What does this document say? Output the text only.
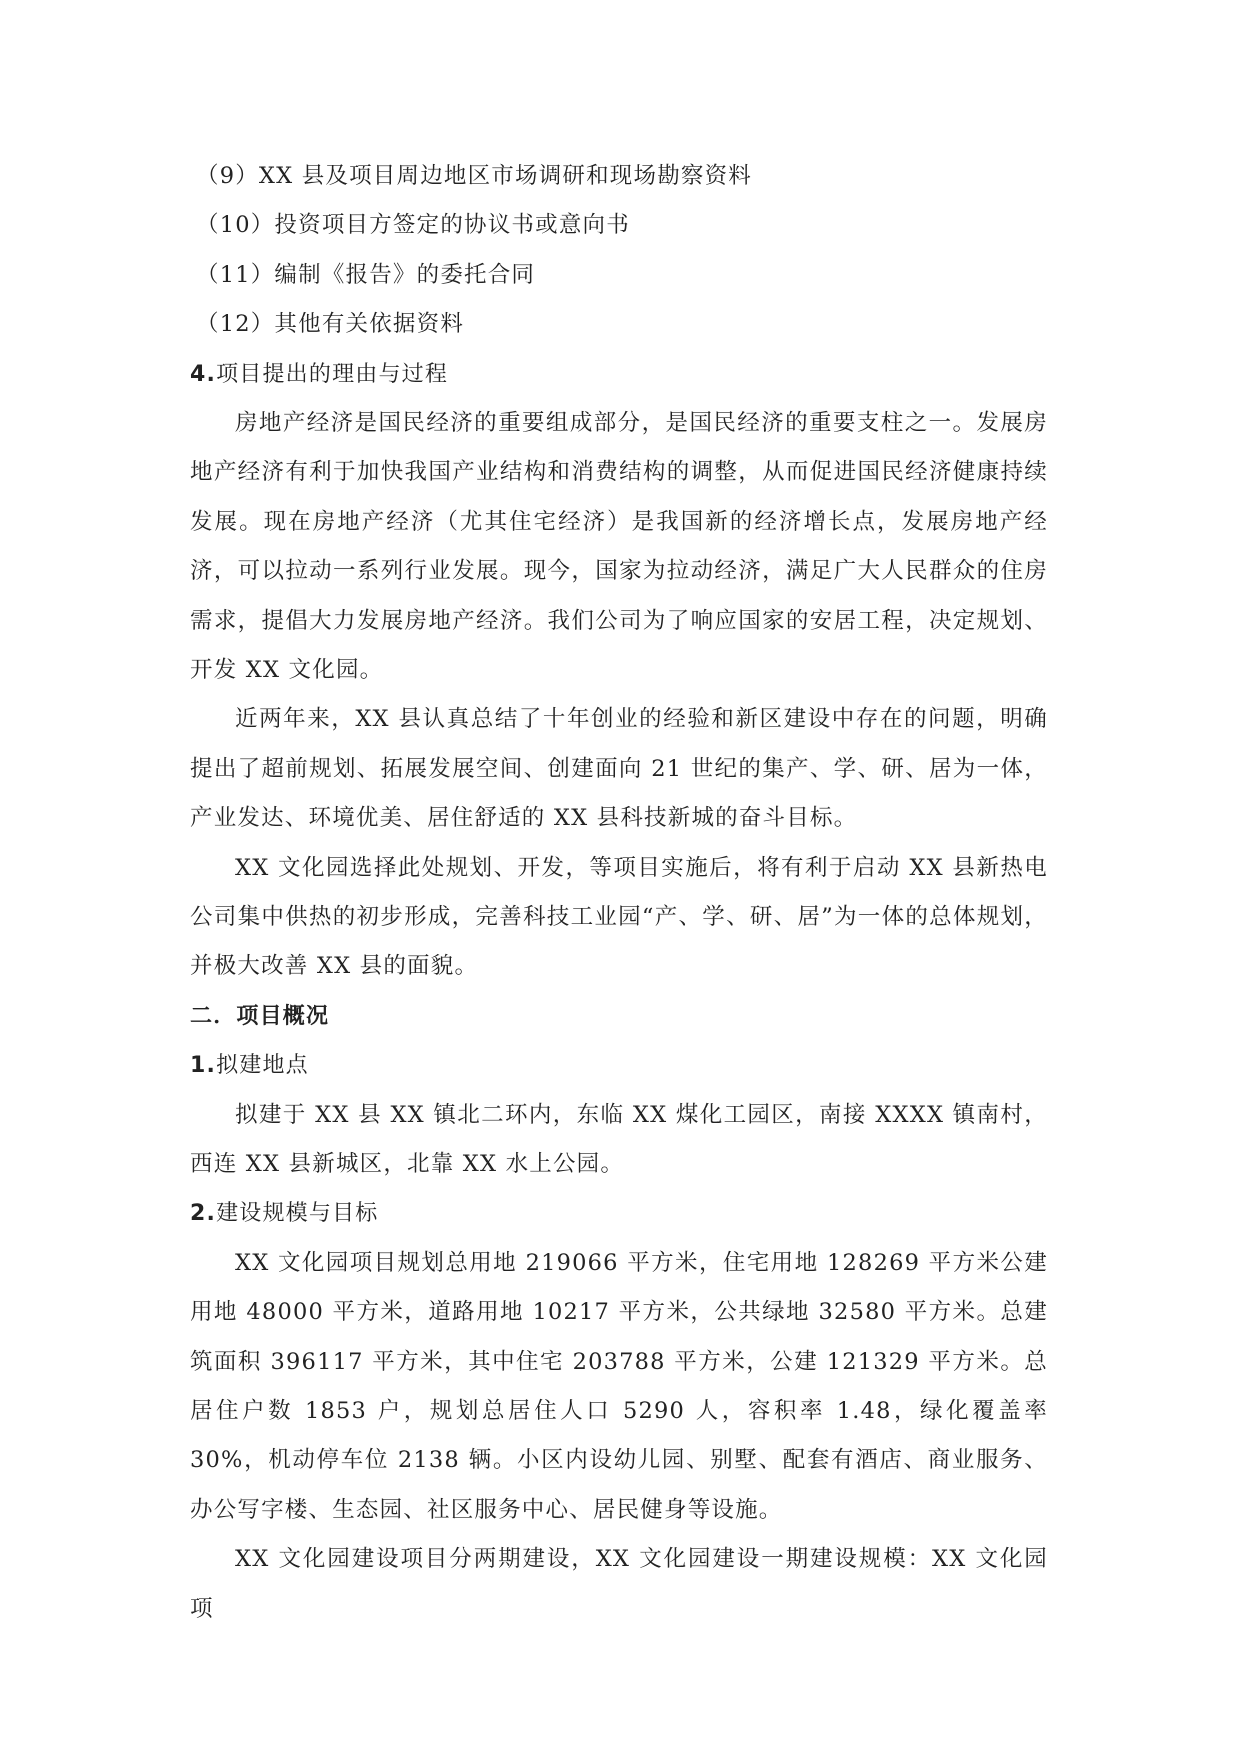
（9）XX 县及项目周边地区市场调研和现场勘察资料
（10）投资项目方签定的协议书或意向书
（11）编制《报告》的委托合同
（12）其他有关依据资料
4.项目提出的理由与过程

房地产经济是国民经济的重要组成部分，是国民经济的重要支柱之一。发展房地产经济有利于加快我国产业结构和消费结构的调整，从而促进国民经济健康持续发展。现在房地产经济（尤其住宅经济）是我国新的经济增长点，发展房地产经济，可以拉动一系列行业发展。现今，国家为拉动经济，满足广大人民群众的住房需求，提倡大力发展房地产经济。我们公司为了响应国家的安居工程，决定规划、开发 XX 文化园。

近两年来，XX 县认真总结了十年创业的经验和新区建设中存在的问题，明确提出了超前规划、拓展发展空间、创建面向 21 世纪的集产、学、研、居为一体，产业发达、环境优美、居住舒适的 XX 县科技新城的奋斗目标。

XX 文化园选择此处规划、开发，等项目实施后，将有利于启动 XX 县新热电公司集中供热的初步形成，完善科技工业园“产、学、研、居”为一体的总体规划，并极大改善 XX 县的面貌。

二．项目概况
1.拟建地点

拟建于 XX 县 XX 镇北二环内，东临 XX 煤化工园区，南接 XXXX 镇南村，西连 XX 县新城区，北靠 XX 水上公园。

2.建设规模与目标

XX 文化园项目规划总用地 219066 平方米，住宅用地 128269 平方米公建用地 48000 平方米，道路用地 10217 平方米，公共绿地 32580 平方米。总建筑面积 396117 平方米，其中住宅 203788 平方米，公建 121329 平方米。总居住户数 1853 户，规划总居住人口 5290 人，容积率 1.48，绿化覆盖率 30%，机动停车位 2138 辆。小区内设幼儿园、别墅、配套有酒店、商业服务、办公写字楼、生态园、社区服务中心、居民健身等设施。

XX 文化园建设项目分两期建设，XX 文化园建设一期建设规模：XX 文化园项
